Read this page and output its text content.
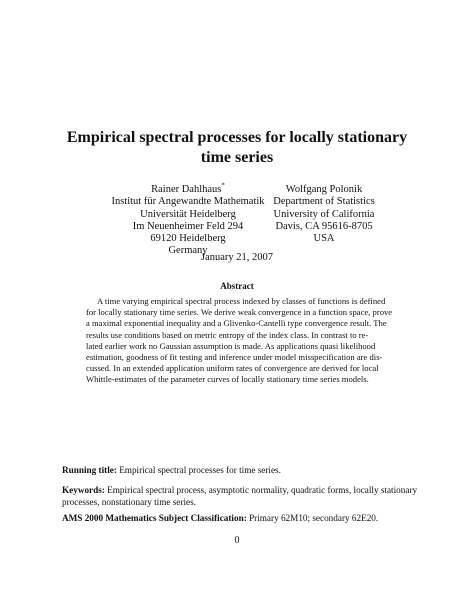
Empirical spectral processes for locally stationary
time series
Rainer Dahlhaus*
Institut für Angewandte Mathematik
Universität Heidelberg
Im Neuenheimer Feld 294
69120 Heidelberg
Germany
Wolfgang Polonik
Department of Statistics
University of California
Davis, CA 95616-8705
USA
January 21, 2007
Abstract
A time varying empirical spectral process indexed by classes of functions is defined
for locally stationary time series. We derive weak convergence in a function space, prove
a maximal exponential inequality and a Glivenko-Cantelli type convergence result. The
results use conditions based on metric entropy of the index class. In contrast to re-
lated earlier work no Gaussian assumption is made. As applications quasi likelihood
estimation, goodness of fit testing and inference under model misspecification are dis-
cussed. In an extended application uniform rates of convergence are derived for local
Whittle-estimates of the parameter curves of locally stationary time series models.
Running title: Empirical spectral processes for time series.
Keywords: Empirical spectral process, asymptotic normality, quadratic forms, locally stationary
processes, nonstationary time series.
AMS 2000 Mathematics Subject Classification: Primary 62M10; secondary 62E20.
0
